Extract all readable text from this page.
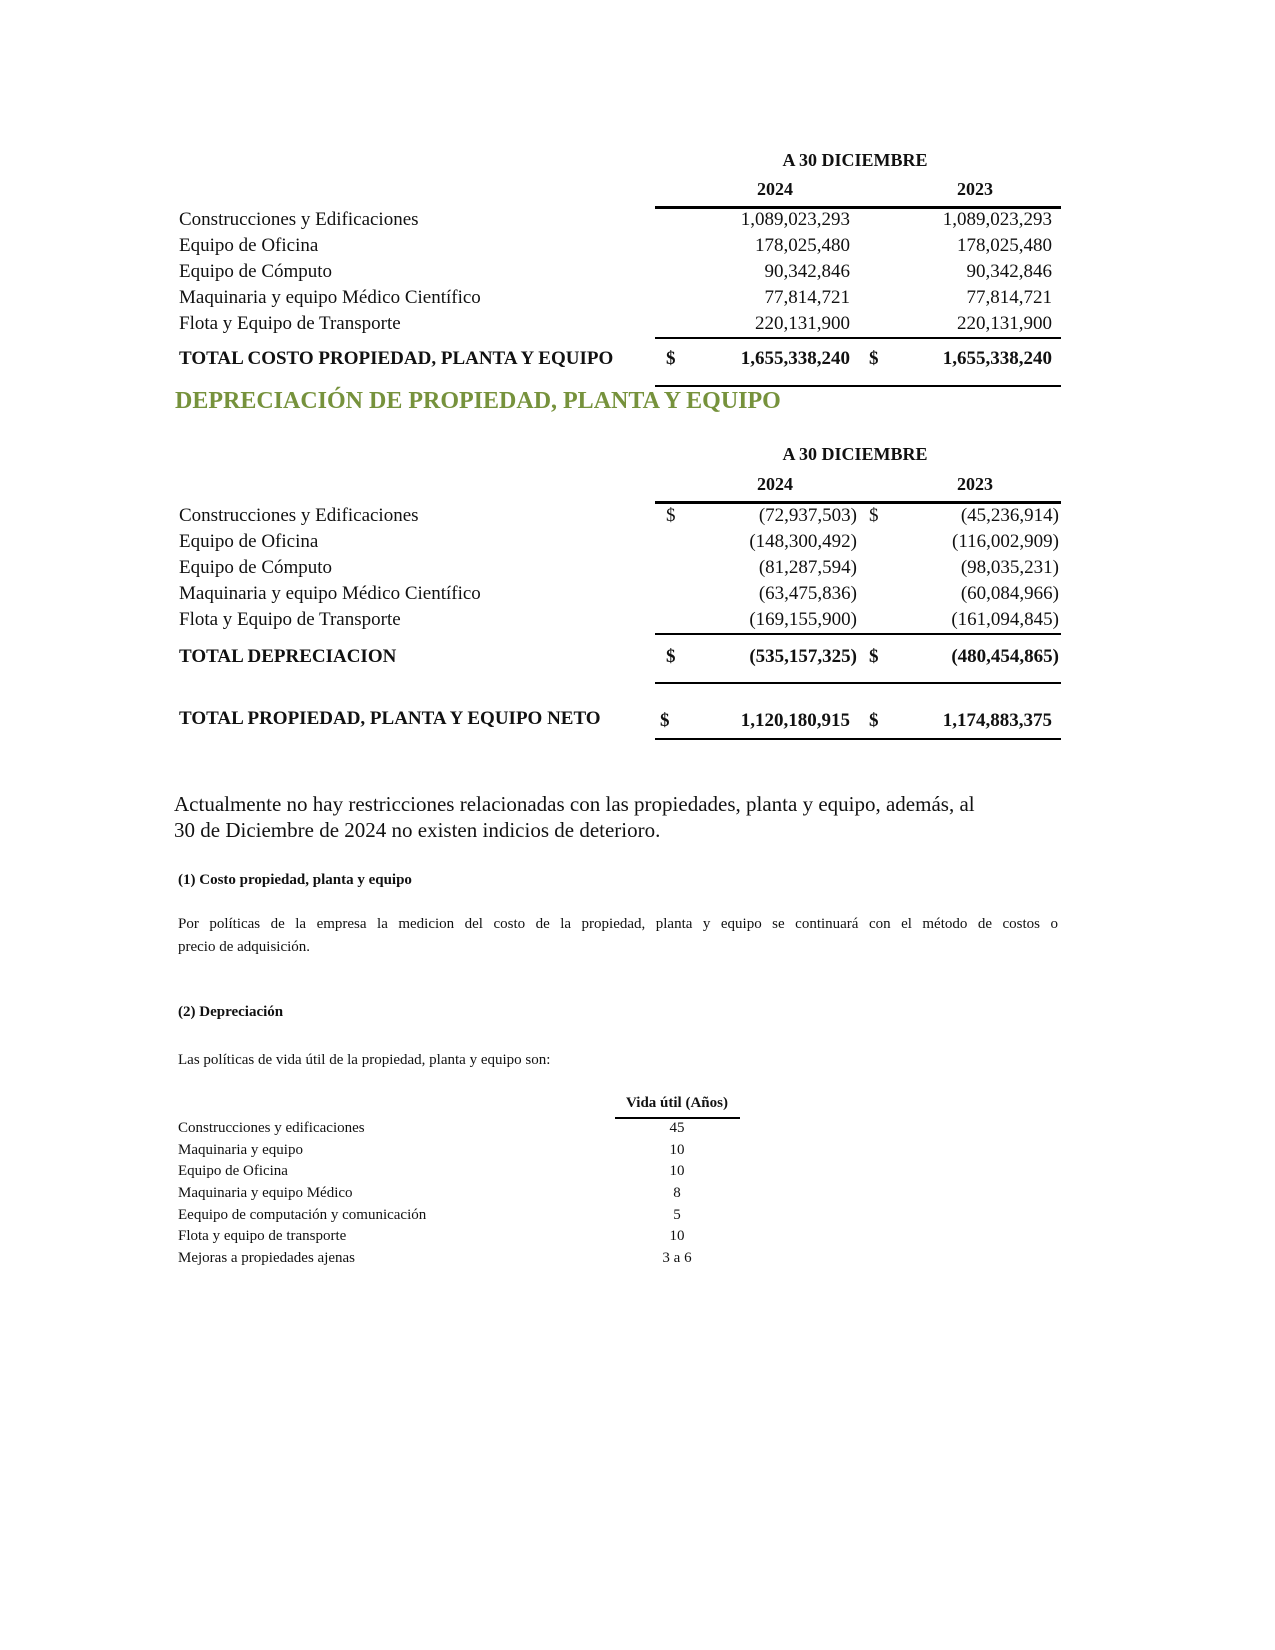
A 30 DICIEMBRE
2024	2023
Construcciones y Edificaciones	1,089,023,293	1,089,023,293
Equipo de Oficina	178,025,480	178,025,480
Equipo de Cómputo	90,342,846	90,342,846
Maquinaria y equipo Médico Científico	77,814,721	77,814,721
Flota y Equipo de Transporte	220,131,900	220,131,900
TOTAL COSTO PROPIEDAD, PLANTA Y EQUIPO	$	1,655,338,240 $	1,655,338,240
DEPRECIACIÓN DE PROPIEDAD, PLANTA Y EQUIPO
A 30 DICIEMBRE
2024	2023
Construcciones y Edificaciones	$	(72,937,503) $	(45,236,914)
Equipo de Oficina	(148,300,492)	(116,002,909)
Equipo de Cómputo	(81,287,594)	(98,035,231)
Maquinaria y equipo Médico Científico	(63,475,836)	(60,084,966)
Flota y Equipo de Transporte	(169,155,900)	(161,094,845)
TOTAL DEPRECIACION	$	(535,157,325) $	(480,454,865)
TOTAL PROPIEDAD, PLANTA Y EQUIPO NETO	$	1,120,180,915 $	1,174,883,375
Actualmente no hay restricciones relacionadas con las propiedades, planta y equipo, además, al
30 de Diciembre de 2024 no existen indicios de deterioro.
(1) Costo propiedad, planta y equipo
Por políticas de la empresa la medicion del costo de la propiedad, planta y equipo se continuará con el método de costos o
precio de adquisición.
(2) Depreciación
Las políticas de vida útil de la propiedad, planta y equipo son:
Vida útil (Años)
Construcciones y edificaciones	45
Maquinaria y equipo	10
Equipo de Oficina	10
Maquinaria y equipo Médico	8
Eequipo de computación y comunicación	5
Flota y equipo de transporte	10
Mejoras a propiedades ajenas	3 a 6
